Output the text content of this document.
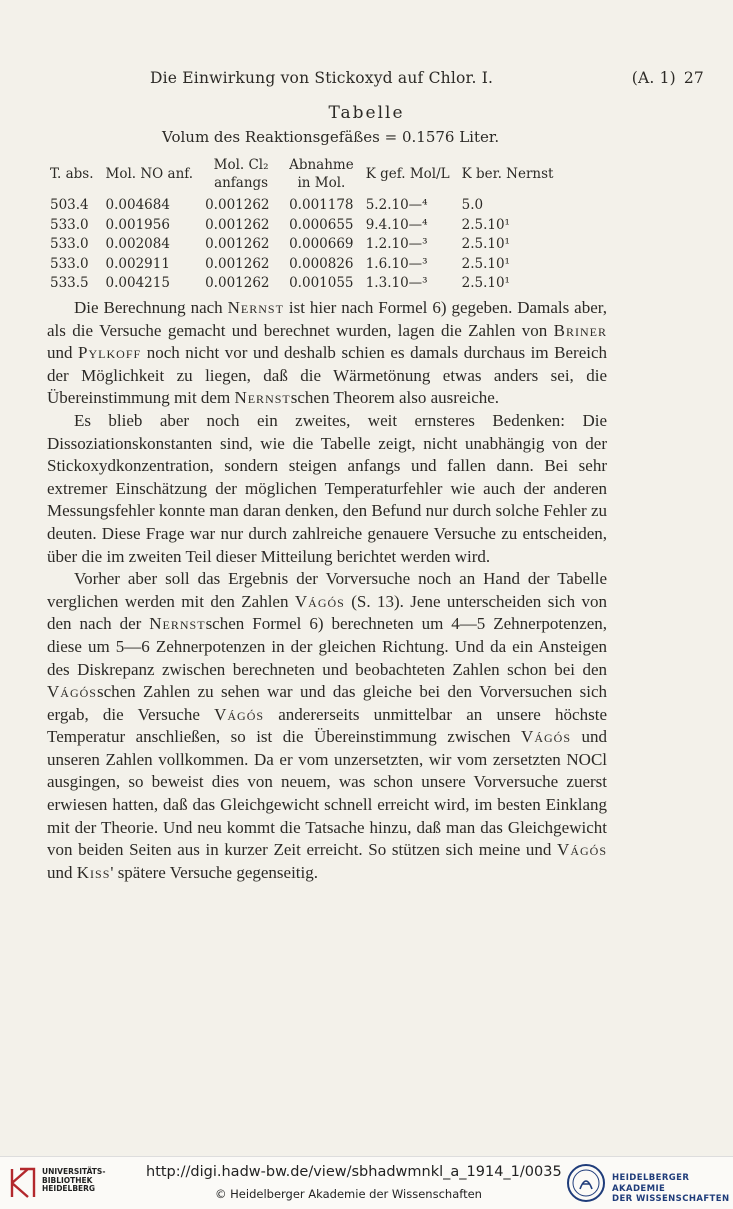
Die Einwirkung von Stickoxyd auf Chlor. I.	(A. 1)  27
Tabelle
Volum des Reaktionsgefäßes = 0.1576 Liter.
T. abs.	Mol. NO anf.	Mol. Cl₂ anfangs	Abnahme in Mol.	K gef. Mol/L	K ber. Nernst
503.4	0.004684	0.001262	0.001178	5.2.10—⁴	5.0
533.0	0.001956	0.001262	0.000655	9.4.10—⁴	2.5.10¹
533.0	0.002084	0.001262	0.000669	1.2.10—³	2.5.10¹
533.0	0.002911	0.001262	0.000826	1.6.10—³	2.5.10¹
533.5	0.004215	0.001262	0.001055	1.3.10—³	2.5.10¹

Die Berechnung nach Nernst ist hier nach Formel 6) gegeben. Damals aber, als die Versuche gemacht und berechnet wurden, lagen die Zahlen von Briner und Pylkoff noch nicht vor und deshalb schien es damals durchaus im Bereich der Möglichkeit zu liegen, daß die Wärmetönung etwas anders sei, die Übereinstimmung mit dem Nernstschen Theorem also ausreiche.

Es blieb aber noch ein zweites, weit ernsteres Bedenken: Die Dissoziationskonstanten sind, wie die Tabelle zeigt, nicht unabhängig von der Stickoxydkonzentration, sondern steigen anfangs und fallen dann. Bei sehr extremer Einschätzung der möglichen Temperaturfehler wie auch der anderen Messungsfehler konnte man daran denken, den Befund nur durch solche Fehler zu deuten. Diese Frage war nur durch zahlreiche genauere Versuche zu entscheiden, über die im zweiten Teil dieser Mitteilung berichtet werden wird.

Vorher aber soll das Ergebnis der Vorversuche noch an Hand der Tabelle verglichen werden mit den Zahlen Vágós (S. 13). Jene unterscheiden sich von den nach der Nernstschen Formel 6) berechneten um 4—5 Zehnerpotenzen, diese um 5—6 Zehnerpotenzen in der gleichen Richtung. Und da ein Ansteigen des Diskrepanz zwischen berechneten und beobachteten Zahlen schon bei den Vágósschen Zahlen zu sehen war und das gleiche bei den Vorversuchen sich ergab, die Versuche Vágós andererseits unmittelbar an unsere höchste Temperatur anschließen, so ist die Übereinstimmung zwischen Vágós und unseren Zahlen vollkommen. Da er vom unzersetzten, wir vom zersetzten NOCl ausgingen, so beweist dies von neuem, was schon unsere Vorversuche zuerst erwiesen hatten, daß das Gleichgewicht schnell erreicht wird, im besten Einklang mit der Theorie. Und neu kommt die Tatsache hinzu, daß man das Gleichgewicht von beiden Seiten aus in kurzer Zeit erreicht. So stützen sich meine und Vágós und Kiss' spätere Versuche gegenseitig.

UNIVERSITÄTS-
BIBLIOTHEK
HEIDELBERG
http://digi.hadw-bw.de/view/sbhadwmnkl_a_1914_1/0035
© Heidelberger Akademie der Wissenschaften
HEIDELBERGER AKADEMIE
DER WISSENSCHAFTEN
